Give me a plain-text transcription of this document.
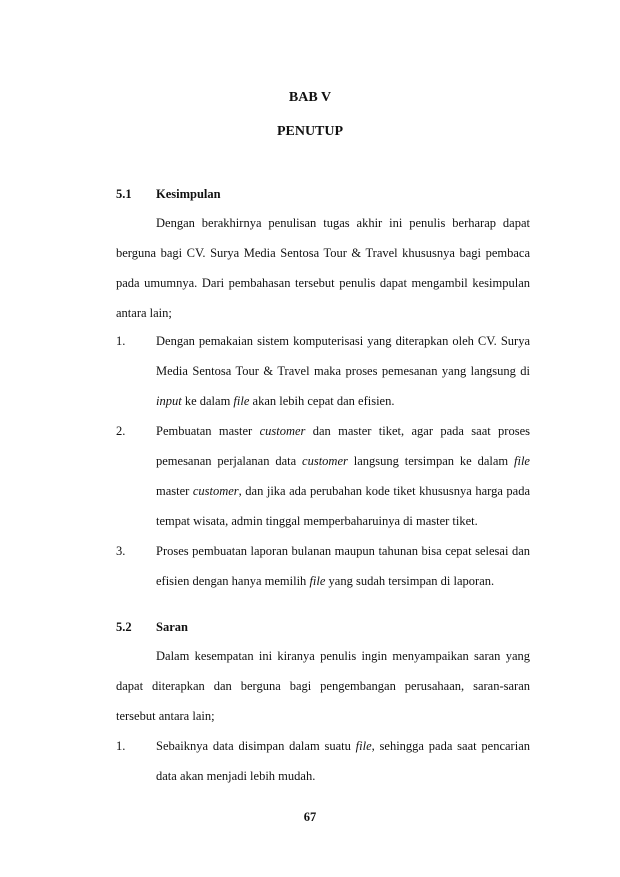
BAB V
PENUTUP
5.1 Kesimpulan

Dengan berakhirnya penulisan tugas akhir ini penulis berharap dapat berguna bagi CV. Surya Media Sentosa Tour & Travel khususnya bagi pembaca pada umumnya. Dari pembahasan tersebut penulis dapat mengambil kesimpulan antara lain;

1. Dengan pemakaian sistem komputerisasi yang diterapkan oleh CV. Surya Media Sentosa Tour & Travel maka proses pemesanan yang langsung di input ke dalam file akan lebih cepat dan efisien.
2. Pembuatan master customer dan master tiket, agar pada saat proses pemesanan perjalanan data customer langsung tersimpan ke dalam file master customer, dan jika ada perubahan kode tiket khususnya harga pada tempat wisata, admin tinggal memperbaharuinya di master tiket.
3. Proses pembuatan laporan bulanan maupun tahunan bisa cepat selesai dan efisien dengan hanya memilih file yang sudah tersimpan di laporan.
5.2 Saran

Dalam kesempatan ini kiranya penulis ingin menyampaikan saran yang dapat diterapkan dan berguna bagi pengembangan perusahaan, saran-saran tersebut antara lain;

1. Sebaiknya data disimpan dalam suatu file, sehingga pada saat pencarian data akan menjadi lebih mudah.
67
